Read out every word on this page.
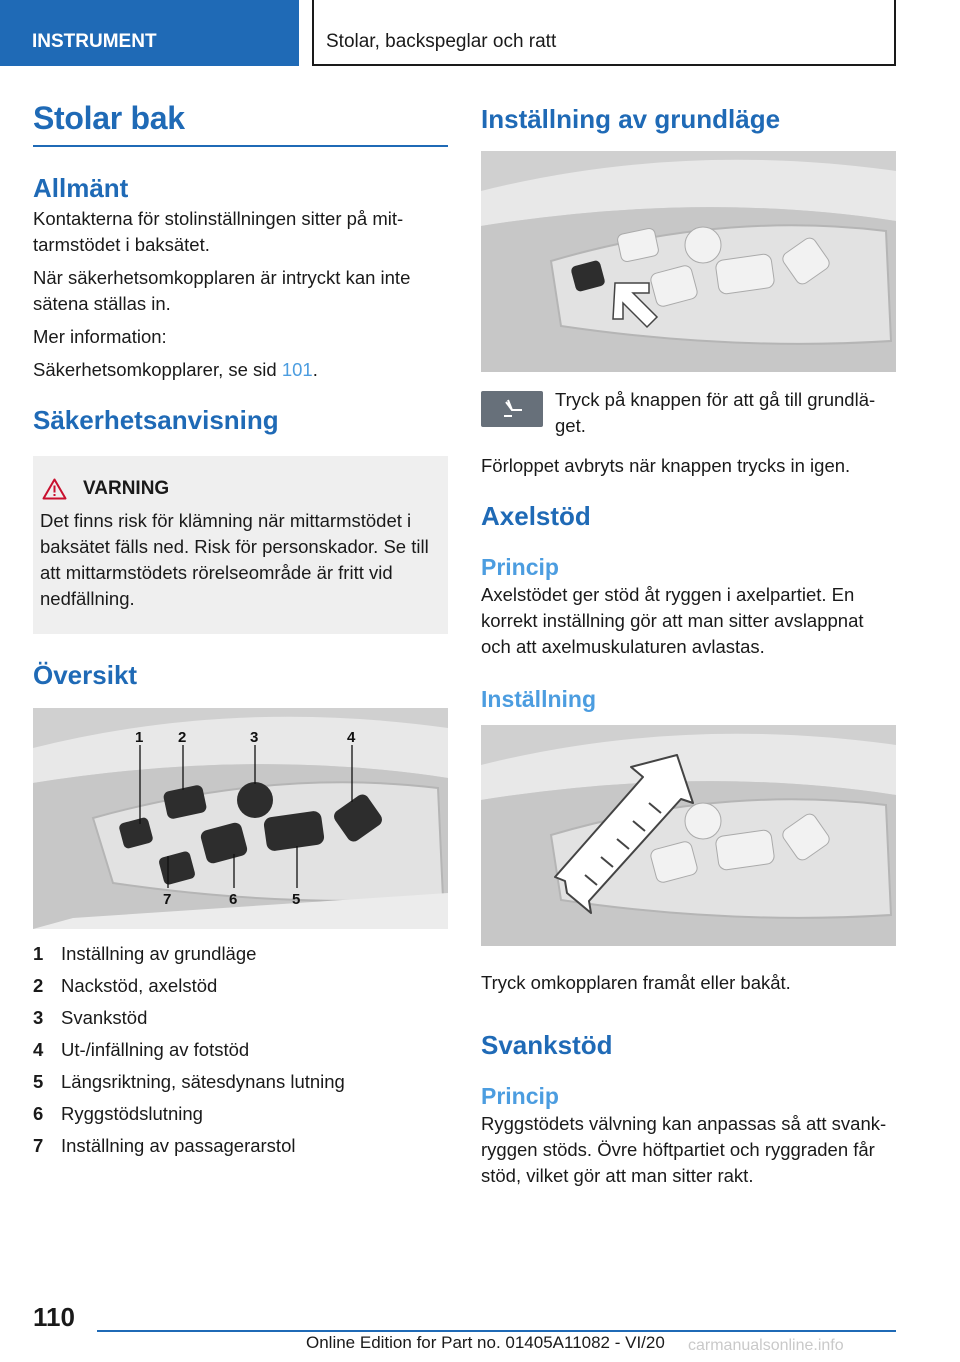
INSTRUMENT	Stolar, backspeglar och ratt
Stolar bak
Allmänt

Kontakterna för stolinställningen sitter på mit-tarmstödet i baksätet.

När säkerhetsomkopplaren är intryckt kan inte sätena ställas in.

Mer information:

Säkerhetsomkopplarer, se sid 101.

Säkerhetsanvisning
VARNING

Det finns risk för klämning när mittarmstödet i baksätet fälls ned. Risk för personskador. Se till att mittarmstödets rörelseområde är fritt vid nedfällning.

Översikt
1 2	3	4
7	6	5
1 Inställning av grundläge
2 Nackstöd, axelstöd
3 Svankstöd
4 Ut-/infällning av fotstöd
5 Längsriktning, sätesdynans lutning
6 Ryggstödslutning
7 Inställning av passagerarstol
Inställning av grundläge

Tryck på knappen för att gå till grundlä-get.

Förloppet avbryts när knappen trycks in igen.

Axelstöd
Princip

Axelstödet ger stöd åt ryggen i axelpartiet. En korrekt inställning gör att man sitter avslappnat och att axelmuskulaturen avlastas.

Inställning

Tryck omkopplaren framåt eller bakåt.

Svankstöd
Princip

Ryggstödets välvning kan anpassas så att svank-ryggen stöds. Övre höftpartiet och ryggraden får stöd, vilket gör att man sitter rakt.

110
Online Edition for Part no. 01405A11082 - VI/20 carmanualsonline.info
